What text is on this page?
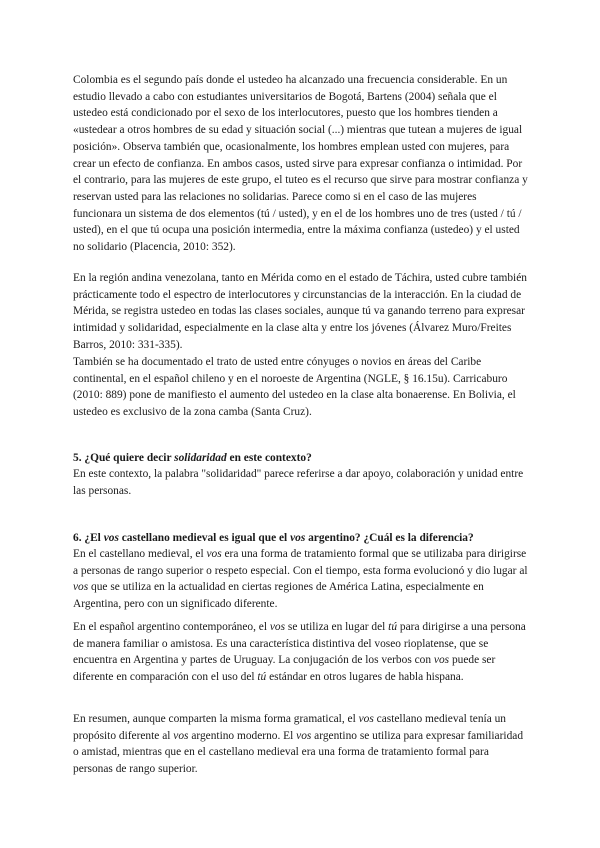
Colombia es el segundo país donde el ustedeo ha alcanzado una frecuencia considerable. En un estudio llevado a cabo con estudiantes universitarios de Bogotá, Bartens (2004) señala que el ustedeo está condicionado por el sexo de los interlocutores, puesto que los hombres tienden a «ustedear a otros hombres de su edad y situación social (...) mientras que tutean a mujeres de igual posición». Observa también que, ocasionalmente, los hombres emplean usted con mujeres, para crear un efecto de confianza. En ambos casos, usted sirve para expresar confianza o intimidad. Por el contrario, para las mujeres de este grupo, el tuteo es el recurso que sirve para mostrar confianza y reservan usted para las relaciones no solidarias. Parece como si en el caso de las mujeres funcionara un sistema de dos elementos (tú / usted), y en el de los hombres uno de tres (usted / tú / usted), en el que tú ocupa una posición intermedia, entre la máxima confianza (ustedeo) y el usted no solidario (Placencia, 2010: 352).

En la región andina venezolana, tanto en Mérida como en el estado de Táchira, usted cubre también prácticamente todo el espectro de interlocutores y circunstancias de la interacción. En la ciudad de Mérida, se registra ustedeo en todas las clases sociales, aunque tú va ganando terreno para expresar intimidad y solidaridad, especialmente en la clase alta y entre los jóvenes (Álvarez Muro/Freites Barros, 2010: 331-335).

También se ha documentado el trato de usted entre cónyuges o novios en áreas del Caribe continental, en el español chileno y en el noroeste de Argentina (NGLE, § 16.15u). Carricaburo (2010: 889) pone de manifiesto el aumento del ustedeo en la clase alta bonaerense. En Bolivia, el ustedeo es exclusivo de la zona camba (Santa Cruz).

5. ¿Qué quiere decir solidaridad en este contexto?

En este contexto, la palabra "solidaridad" parece referirse a dar apoyo, colaboración y unidad entre las personas.

6. ¿El vos castellano medieval es igual que el vos argentino? ¿Cuál es la diferencia?

En el castellano medieval, el vos era una forma de tratamiento formal que se utilizaba para dirigirse a personas de rango superior o respeto especial. Con el tiempo, esta forma evolucionó y dio lugar al vos que se utiliza en la actualidad en ciertas regiones de América Latina, especialmente en Argentina, pero con un significado diferente.

En el español argentino contemporáneo, el vos se utiliza en lugar del tú para dirigirse a una persona de manera familiar o amistosa. Es una característica distintiva del voseo rioplatense, que se encuentra en Argentina y partes de Uruguay. La conjugación de los verbos con vos puede ser diferente en comparación con el uso del tú estándar en otros lugares de habla hispana.

En resumen, aunque comparten la misma forma gramatical, el vos castellano medieval tenía un propósito diferente al vos argentino moderno. El vos argentino se utiliza para expresar familiaridad o amistad, mientras que en el castellano medieval era una forma de tratamiento formal para personas de rango superior.
